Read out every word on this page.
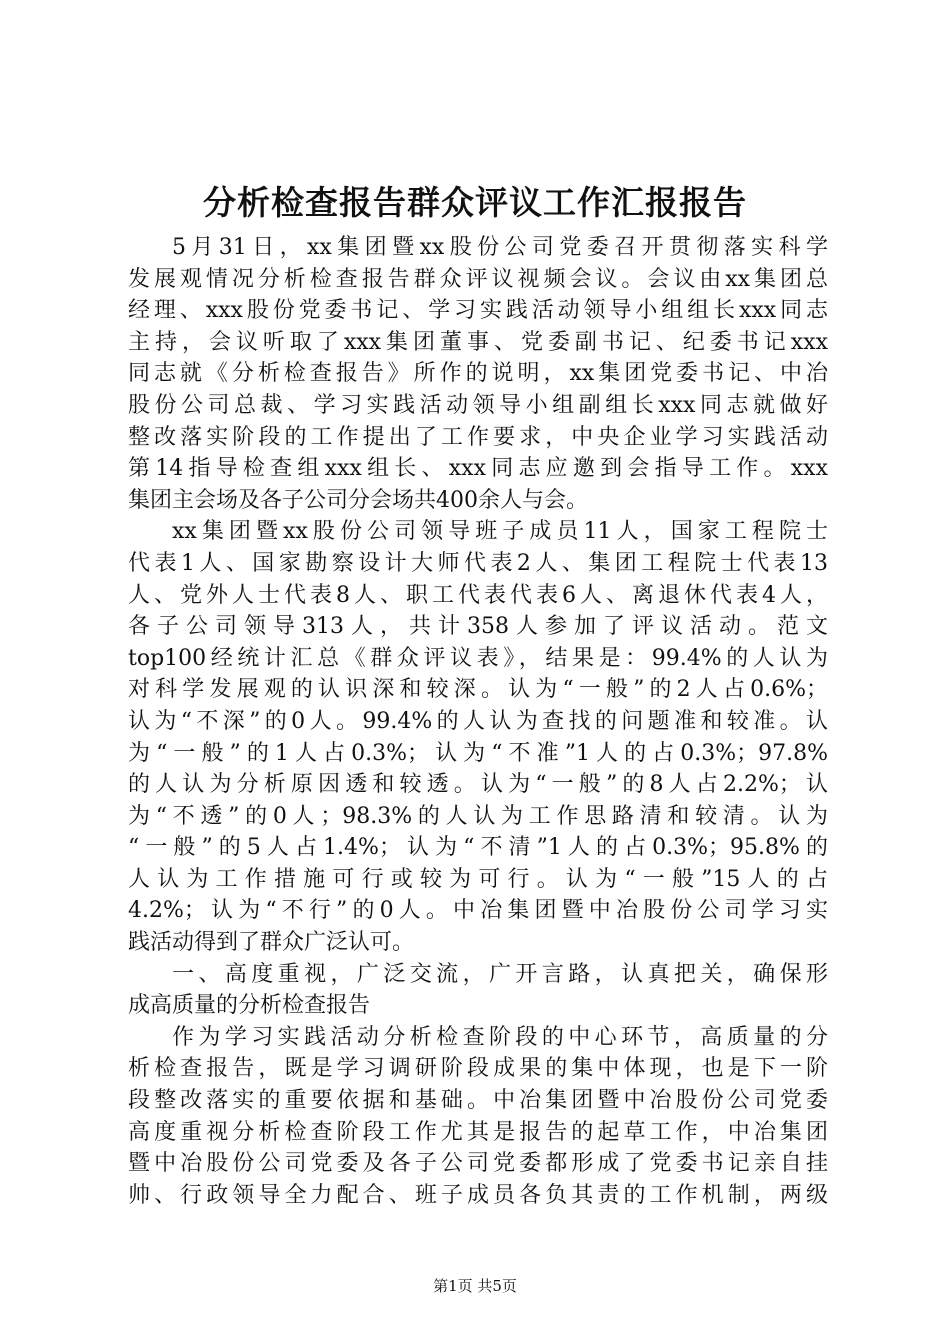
分析检查报告群众评议工作汇报报告
5月31日，xx集团暨xx股份公司党委召开贯彻落实科学
发展观情况分析检查报告群众评议视频会议。会议由xx集团总
经理、xxx股份党委书记、学习实践活动领导小组组长xxx同志
主持，会议听取了xxx集团董事、党委副书记、纪委书记xxx
同志就《分析检查报告》所作的说明，xx集团党委书记、中冶
股份公司总裁、学习实践活动领导小组副组长xxx同志就做好
整改落实阶段的工作提出了工作要求，中央企业学习实践活动
第14指导检查组xxx组长、xxx同志应邀到会指导工作。xxx
集团主会场及各子公司分会场共400余人与会。
xx集团暨xx股份公司领导班子成员11人，国家工程院士
代表1人、国家勘察设计大师代表2人、集团工程院士代表13
人、党外人士代表8人、职工代表代表6人、离退休代表4人，
各子公司领导313人，共计358人参加了评议活动。范文
top100经统计汇总《群众评议表》，结果是：99.4%的人认为
对科学发展观的认识深和较深。认为“一般”的2人占0.6%；
认为“不深”的0人。99.4%的人认为查找的问题准和较准。认
为“一般”的1人占0.3%；认为“不准”1人的占0.3%；97.8%
的人认为分析原因透和较透。认为“一般”的8人占2.2%；认
为“不透”的0人；98.3%的人认为工作思路清和较清。认为
“一般”的5人占1.4%；认为“不清”1人的占0.3%；95.8%的
人认为工作措施可行或较为可行。认为“一般”15人的占
4.2%；认为“不行”的0人。中冶集团暨中冶股份公司学习实
践活动得到了群众广泛认可。
一、高度重视，广泛交流，广开言路，认真把关，确保形
成高质量的分析检查报告
作为学习实践活动分析检查阶段的中心环节，高质量的分
析检查报告，既是学习调研阶段成果的集中体现，也是下一阶
段整改落实的重要依据和基础。中冶集团暨中冶股份公司党委
高度重视分析检查阶段工作尤其是报告的起草工作，中冶集团
暨中冶股份公司党委及各子公司党委都形成了党委书记亲自挂
帅、行政领导全力配合、班子成员各负其责的工作机制，两级
第1页 共5页
